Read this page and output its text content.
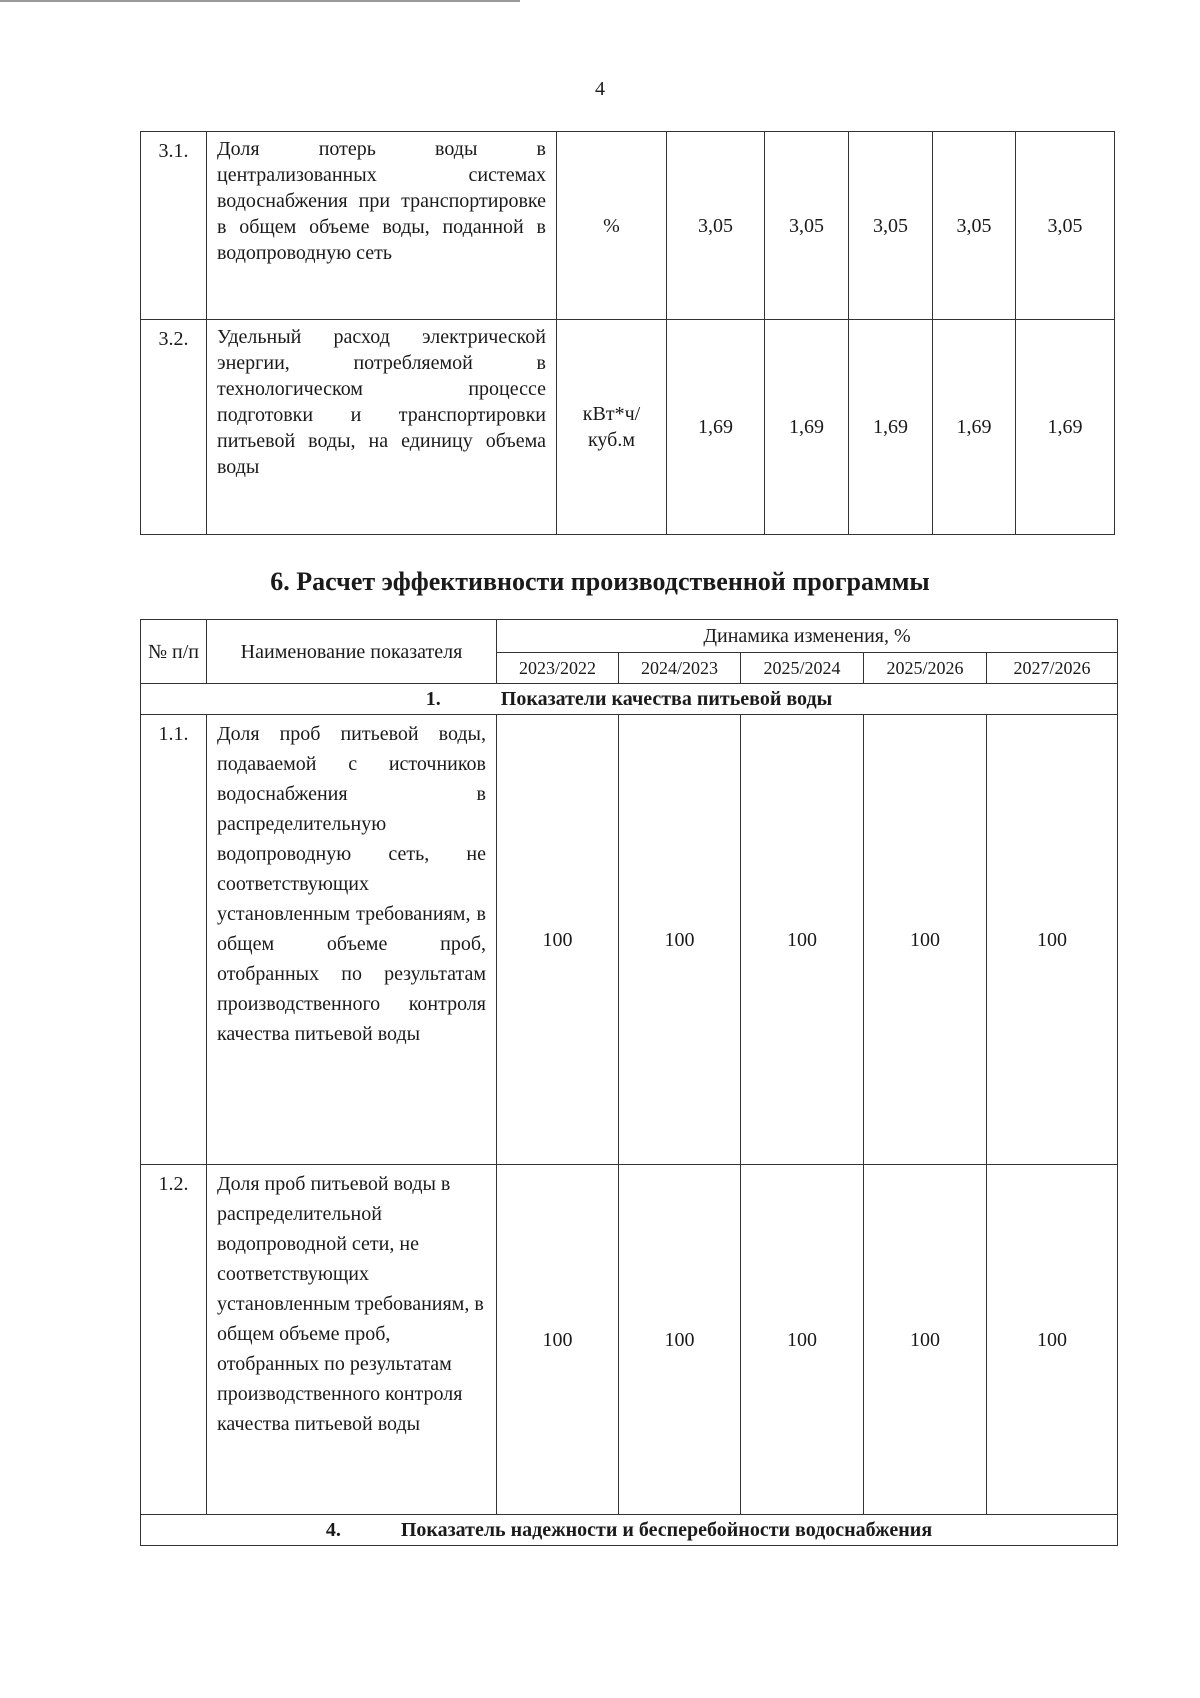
4
3.1.	Доля потерь воды в централизованных системах водоснабжения при транспортировке в общем объеме воды, поданной в водопроводную сеть	%	3,05	3,05	3,05	3,05	3,05
3.2.	Удельный расход электрической энергии, потребляемой в технологическом процессе подготовки и транспортировки питьевой воды, на единицу объема воды	кВт*ч/ куб.м	1,69	1,69	1,69	1,69	1,69
6. Расчет эффективности производственной программы
№ п/п	Наименование показателя	Динамика изменения, %				
		2023/2022	2024/2023	2025/2024	2025/2026	2027/2026
1. Показатели качества питьевой воды						
1.1.	Доля проб питьевой воды, подаваемой с источников водоснабжения в распределительную водопроводную сеть, не соответствующих установленным требованиям, в общем объеме проб, отобранных по результатам производственного контроля качества питьевой воды	100	100	100	100	100
1.2.	Доля проб питьевой воды в распределительной водопроводной сети, не соответствующих установленным требованиям, в общем объеме проб, отобранных по результатам производственного контроля качества питьевой воды	100	100	100	100	100
4. Показатель надежности и бесперебойности водоснабжения						
